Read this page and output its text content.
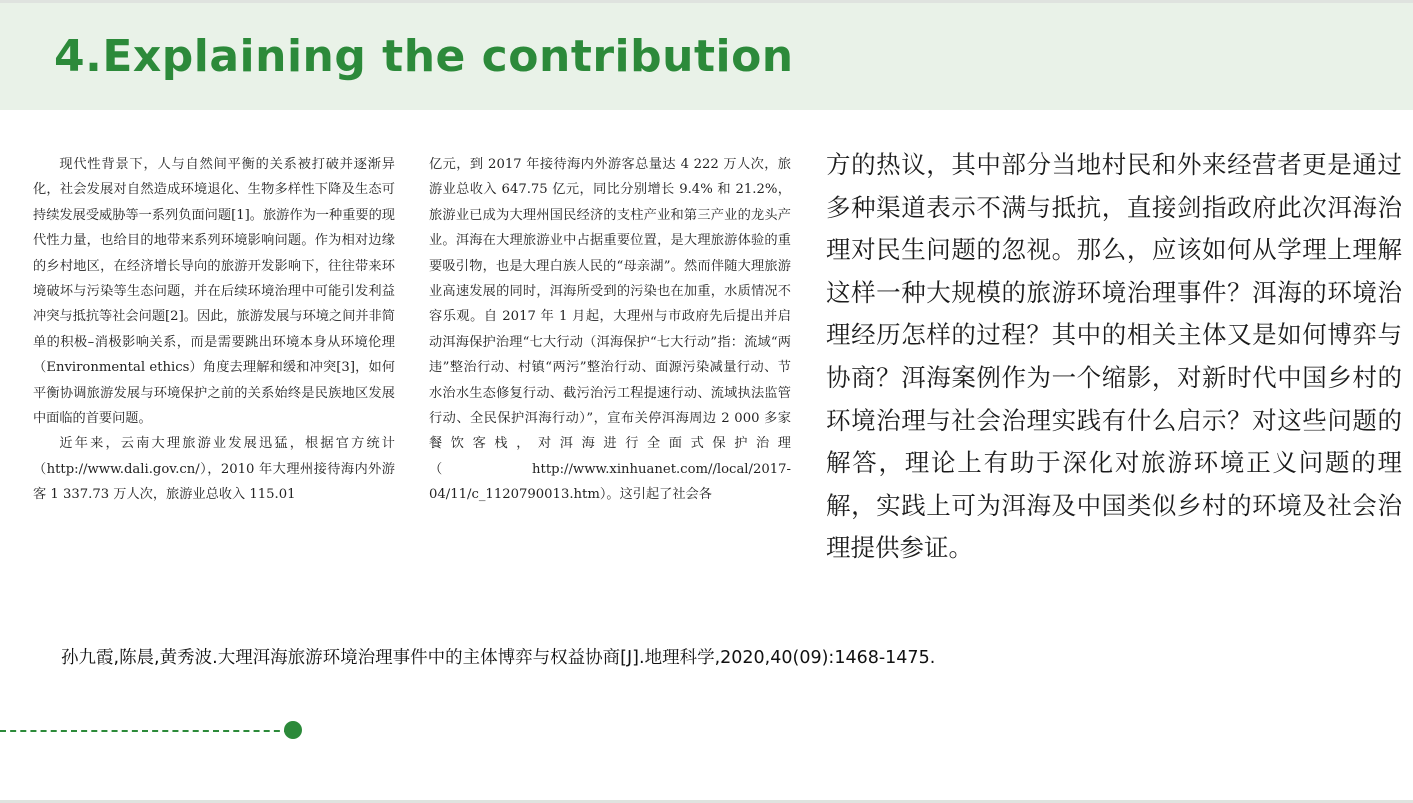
4.Explaining the contribution

现代性背景下，人与自然间平衡的关系被打破并逐渐异化，社会发展对自然造成环境退化、生物多样性下降及生态可持续发展受威胁等一系列负面问题[1]。旅游作为一种重要的现代性力量，也给目的地带来系列环境影响问题。作为相对边缘的乡村地区，在经济增长导向的旅游开发影响下，往往带来环境破坏与污染等生态问题，并在后续环境治理中可能引发利益冲突与抵抗等社会问题[2]。因此，旅游发展与环境之间并非简单的积极–消极影响关系，而是需要跳出环境本身从环境伦理（Environmental ethics）角度去理解和缓和冲突[3]，如何平衡协调旅游发展与环境保护之前的关系始终是民族地区发展中面临的首要问题。

近年来，云南大理旅游业发展迅猛，根据官方统计（http://www.dali.gov.cn/），2010 年大理州接待海内外游客 1 337.73 万人次，旅游业总收入 115.01

亿元，到 2017 年接待海内外游客总量达 4 222 万人次，旅游业总收入 647.75 亿元，同比分别增长 9.4% 和 21.2%，旅游业已成为大理州国民经济的支柱产业和第三产业的龙头产业。洱海在大理旅游业中占据重要位置，是大理旅游体验的重要吸引物，也是大理白族人民的“母亲湖”。然而伴随大理旅游业高速发展的同时，洱海所受到的污染也在加重，水质情况不容乐观。自 2017 年 1 月起，大理州与市政府先后提出并启动洱海保护治理“七大行动（洱海保护“七大行动”指：流域“两违”整治行动、村镇“两污”整治行动、面源污染减量行动、节水治水生态修复行动、截污治污工程提速行动、流域执法监管行动、全民保护洱海行动）”，宣布关停洱海周边 2 000 多家餐饮客栈，对洱海进行全面式保护治理（http://www.xinhuanet.com//local/2017-04/11/c_1120790013.htm）。这引起了社会各

方的热议，其中部分当地村民和外来经营者更是通过多种渠道表示不满与抵抗，直接剑指政府此次洱海治理对民生问题的忽视。那么，应该如何从学理上理解这样一种大规模的旅游环境治理事件？洱海的环境治理经历怎样的过程？其中的相关主体又是如何博弈与协商？洱海案例作为一个缩影，对新时代中国乡村的环境治理与社会治理实践有什么启示？对这些问题的解答，理论上有助于深化对旅游环境正义问题的理解，实践上可为洱海及中国类似乡村的环境及社会治理提供参证。

孙九霞,陈晨,黄秀波.大理洱海旅游环境治理事件中的主体博弈与权益协商[J].地理科学,2020,40(09):1468-1475.
